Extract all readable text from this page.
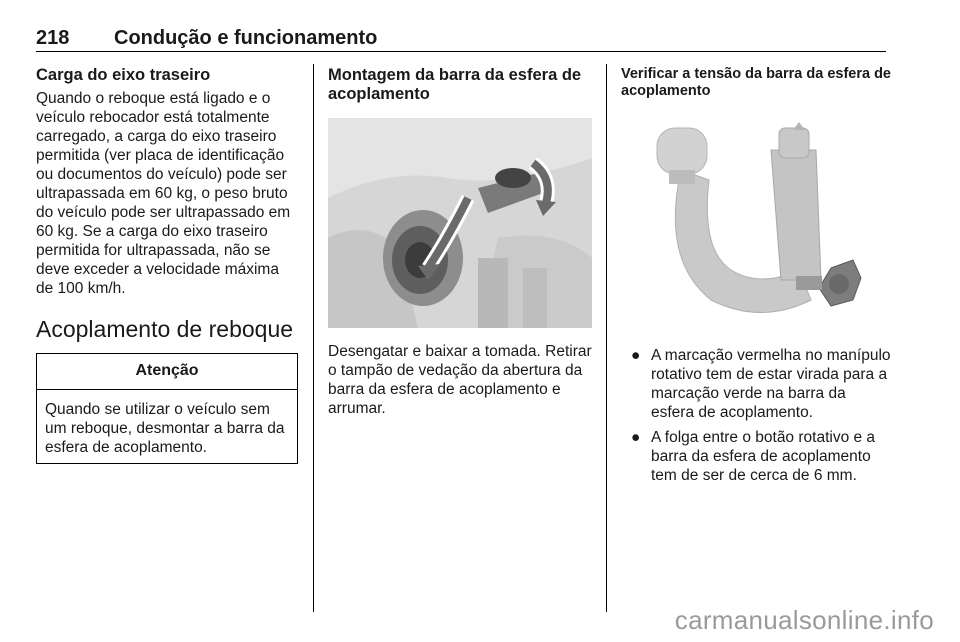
218 Condução e funcionamento

Carga do eixo traseiro

Quando o reboque está ligado e o veículo rebocador está totalmente carregado, a carga do eixo traseiro permitida (ver placa de identificação ou documentos do veículo) pode ser ultrapassada em 60 kg, o peso bruto do veículo pode ser ultrapassado em 60 kg. Se a carga do eixo traseiro permitida for ultrapassada, não se deve exceder a velocidade máxima de 100 km/h.

Acoplamento de reboque
Atenção
Quando se utilizar o veículo sem um reboque, desmontar a barra da esfera de acoplamento.

Montagem da barra da esfera de acoplamento

Desengatar e baixar a tomada. Retirar o tampão de vedação da abertura da barra da esfera de acoplamento e arrumar.

Verificar a tensão da barra da esfera de acoplamento

● A marcação vermelha no manípulo rotativo tem de estar virada para a marcação verde na barra da esfera de acoplamento.
● A folga entre o botão rotativo e a barra da esfera de acoplamento tem de ser de cerca de 6 mm.
carmanualsonline.info
